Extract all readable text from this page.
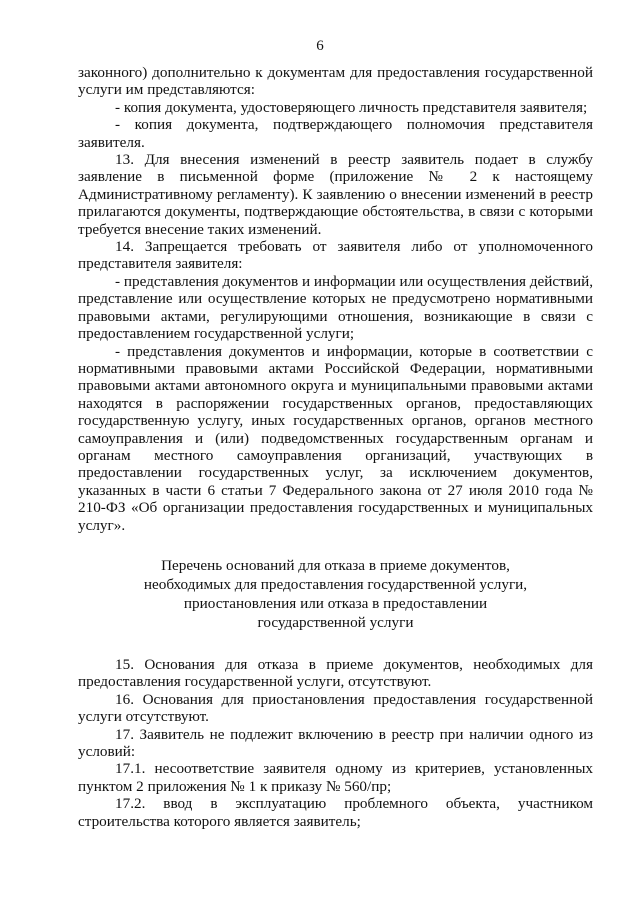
6

законного) дополнительно к документам для предоставления государственной услуги им представляются:

- копия документа, удостоверяющего личность представителя заявителя;

- копия документа, подтверждающего полномочия представителя заявителя.

13. Для внесения изменений в реестр заявитель подает в службу заявление в письменной форме (приложение № 2 к настоящему Административному регламенту). К заявлению о внесении изменений в реестр прилагаются документы, подтверждающие обстоятельства, в связи с которыми требуется внесение таких изменений.

14. Запрещается требовать от заявителя либо от уполномоченного представителя заявителя:

- представления документов и информации или осуществления действий, представление или осуществление которых не предусмотрено нормативными правовыми актами, регулирующими отношения, возникающие в связи с предоставлением государственной услуги;

- представления документов и информации, которые в соответствии с нормативными правовыми актами Российской Федерации, нормативными правовыми актами автономного округа и муниципальными правовыми актами находятся в распоряжении государственных органов, предоставляющих государственную услугу, иных государственных органов, органов местного самоуправления и (или) подведомственных государственным органам и органам местного самоуправления организаций, участвующих в предоставлении государственных услуг, за исключением документов, указанных в части 6 статьи 7 Федерального закона от 27 июля 2010 года № 210-ФЗ «Об организации предоставления государственных и муниципальных услуг».

Перечень оснований для отказа в приеме документов,
необходимых для предоставления государственной услуги,
приостановления или отказа в предоставлении
государственной услуги

15. Основания для отказа в приеме документов, необходимых для предоставления государственной услуги, отсутствуют.

16. Основания для приостановления предоставления государственной услуги отсутствуют.

17. Заявитель не подлежит включению в реестр при наличии одного из условий:

17.1. несоответствие заявителя одному из критериев, установленных пунктом 2 приложения № 1 к приказу № 560/пр;

17.2. ввод в эксплуатацию проблемного объекта, участником строительства которого является заявитель;
